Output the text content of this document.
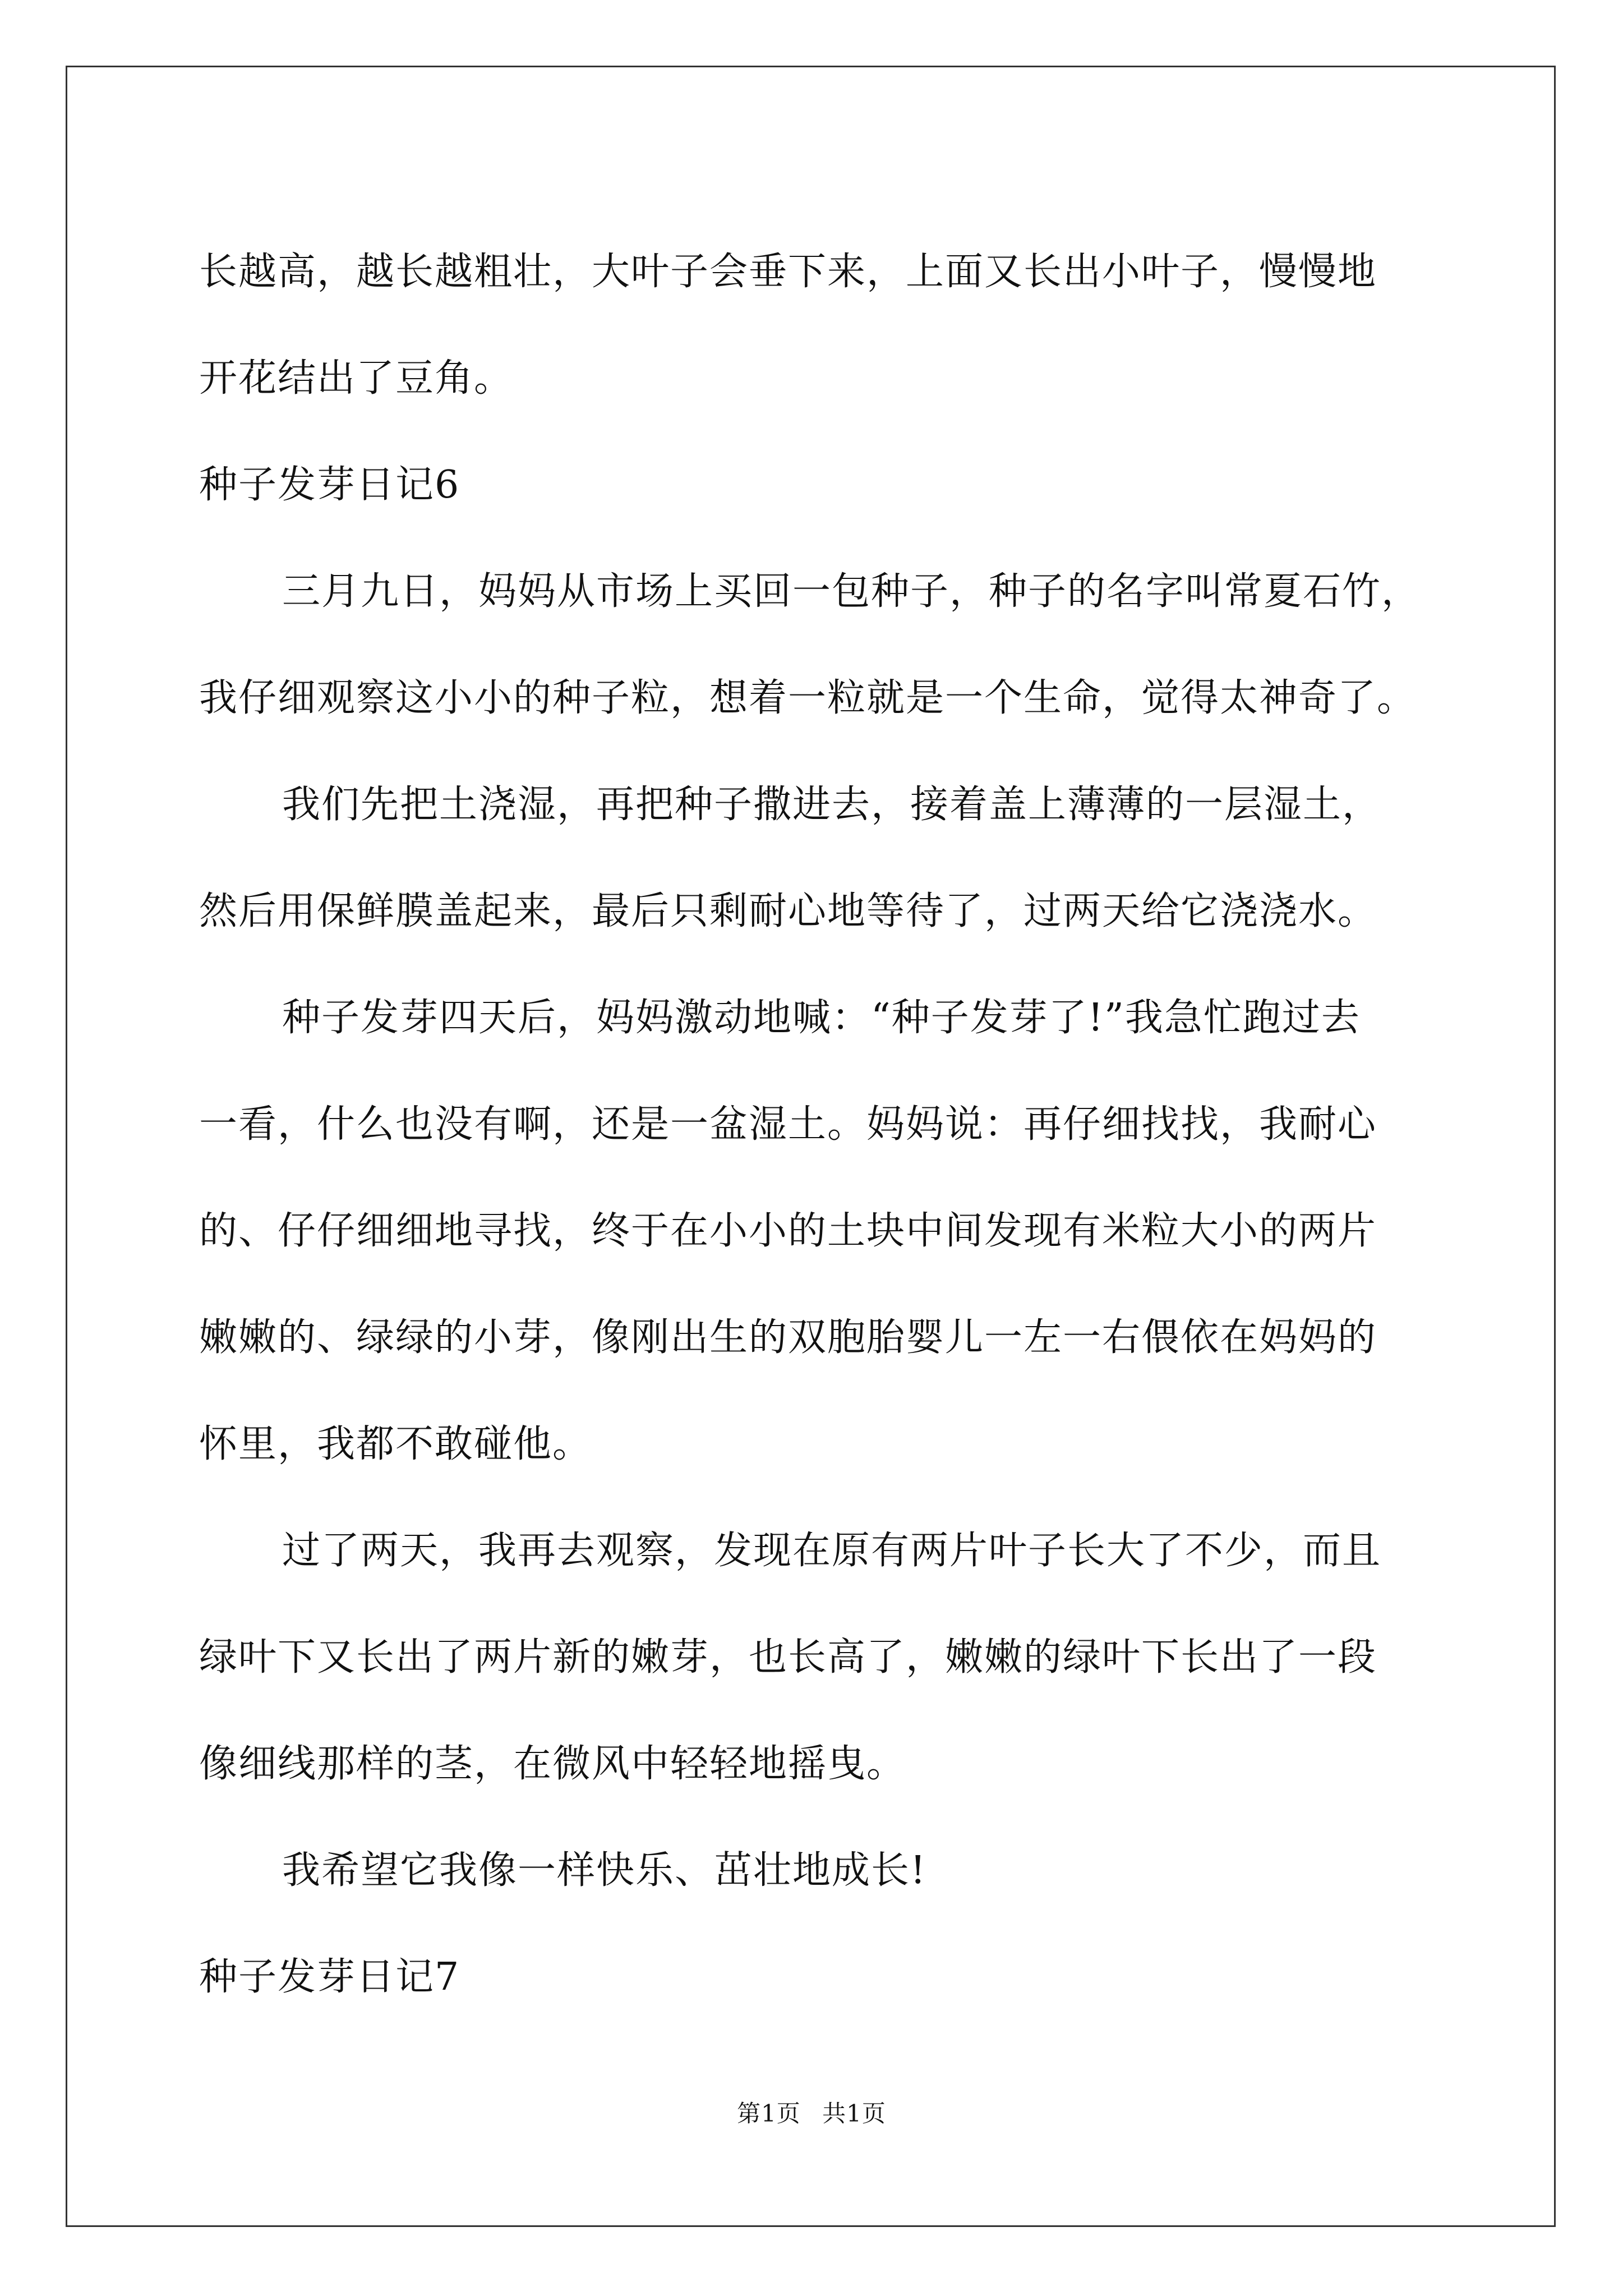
长越高，越长越粗壮，大叶子会垂下来，上面又长出小叶子，慢慢地
开花结出了豆角。
种子发芽日记6
三月九日，妈妈从市场上买回一包种子，种子的名字叫常夏石竹，
我仔细观察这小小的种子粒，想着一粒就是一个生命，觉得太神奇了。
我们先把土浇湿，再把种子撒进去，接着盖上薄薄的一层湿土，
然后用保鲜膜盖起来，最后只剩耐心地等待了，过两天给它浇浇水。
种子发芽四天后，妈妈激动地喊：“种子发芽了!”我急忙跑过去
一看，什么也没有啊，还是一盆湿土。妈妈说：再仔细找找，我耐心
的、仔仔细细地寻找，终于在小小的土块中间发现有米粒大小的两片
嫩嫩的、绿绿的小芽，像刚出生的双胞胎婴儿一左一右偎依在妈妈的
怀里，我都不敢碰他。
过了两天，我再去观察，发现在原有两片叶子长大了不少，而且
绿叶下又长出了两片新的嫩芽，也长高了，嫩嫩的绿叶下长出了一段
像细线那样的茎，在微风中轻轻地摇曳。
我希望它我像一样快乐、茁壮地成长!
种子发芽日记7
第1页 共1页
